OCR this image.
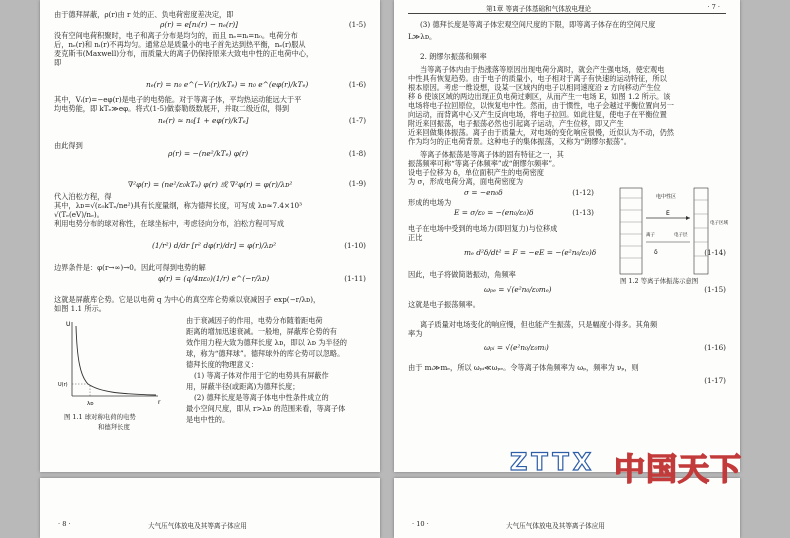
由于德拜屏蔽，ρ(r)由 r 处的正、负电荷密度差决定，即
没有空间电荷积聚时，电子和离子分布是均匀的，而且 nₑ=nᵢ=n₀。电荷分布
后，nₑ(r)和 nᵢ(r)不再均匀。通常总是质量小的电子首先达到热平衡，nₑ(r)服从
麦克斯韦(Maxwell)分布，而质量大的离子仍保持原来大致电中性的正电荷中心，
即
其中，Vᵢ(r)=−eφ(r)是电子的电势能。对于等离子体，平均热运动能远大于平
均电势能，即 kTₑ≫eφ。将式(1-5)做泰勒级数展开，并取二级近似，得到
由此得到
代入泊松方程，得
其中，λᴅ=√(ε₀kTₑ/ne²)具有长度量纲，称为德拜长度，可写成 λᴅ≈7.4×10³
√(Tₑ(eV)/nₑ)。
利用电势分布的球对称性，在球坐标中，考虑径向分布，泊松方程可写成
边界条件是：φ(r→∞)→0。因此可得到电势的解
这就是屏蔽库仑势。它是以电荷 q 为中心的真空库仑势乘以衰减因子 exp(−r/λᴅ)，
如图 1.1 所示。
U
r
U(r)
λᴅ
图 1.1 球对称电荷的电势
和德拜长度
由于衰减因子的作用，电势分布随着距电荷
距离的增加迅速衰减。一般地，屏蔽库仑势的有
效作用力程大致为德拜长度 λᴅ，即以 λᴅ 为半径的
球，称为“德拜球”。德拜球外的库仑势可以忽略。
德拜长度的物理意义：
(1) 等离子体对作用于它的电势具有屏蔽作
用，屏蔽半径(或距离)为德拜长度；
(2) 德拜长度是等离子体电中性条件成立的
最小空间尺度，即从 r>λᴅ 的范围来看，等离子体
是电中性的。
ρ(r) = e[nᵢ(r) − nₑ(r)]	(1-5)
nₑ(r) = n₀ e^(−Vᵢ(r)/kTₑ) = n₀ e^(eφ(r)/kTₑ)	(1-6)
nₑ(r) ≈ n₀[1 + eφ(r)/kTₑ]	(1-7)
ρ(r) = −(ne²/kTₑ) φ(r)	(1-8)
∇²φ(r) = (ne²/ε₀kTₑ) φ(r) 或 ∇²φ(r) = φ(r)/λᴅ²	(1-9)
(1/r²) d/dr [r² dφ(r)/dr] = φ(r)/λᴅ²	(1-10)
φ(r) = (q/4πε₀)(1/r) e^(−r/λᴅ)	(1-11)
第1章 等离子体基础和气体放电理论	· 7 ·
(3) 德拜长度是等离子体宏观空间尺度的下限，即等离子体存在的空间尺度
L≫λᴅ。
2. 朗缪尔振荡和频率
当等离子体内由于热涨落等原因出现电荷分离时，就会产生强电场，使宏观电
中性具有恢复趋势。由于电子的质量小，电子相对于离子有快速的运动特征，所以
根本原因。考虑一维设想，设某一区域内的电子以相同速度沿 z 方向移动产生位
移 δ 使该区域的两边出现正负电荷过剩区，从而产生一电场 E，如图 1.2 所示。该
电场将电子拉回原位，以恢复电中性。然而，由于惯性，电子会越过平衡位置向另一
向运动，而背离中心又产生反向电场，将电子拉回。如此往复，使电子在平衡位置
附近来回振荡，电子振荡必然也引起离子运动，产生位移，即又产生
近来回做集体振荡。离子由于质量大，对电场的变化响应很慢，近似认为不动，仍然
作为均匀的正电荷背景。这种电子的集体振荡，又称为“朗缪尔振荡”。
电中性区
E
离子	电子层
电子区域
δ
图 1.2 等离子体振荡示意图
等离子体振荡是等离子体的固有特征之一，其
振荡频率可称“等离子体频率”或“朗缪尔频率”。
设电子位移为 δ，单位面积产生的电荷密度
为 σ，形成电荷分离，面电荷密度为
形成的电场为
电子在电场中受到的电场力(即回复力)与位移成
正比
因此，电子将做简谐振动，角频率
这就是电子振荡频率。
离子质量对电场变化的响应慢，但也能产生振荡，只是幅度小得多。其角频
率为
由于 mᵢ≫mₑ，所以 ωₚᵢ≪ωₚₑ。令等离子体角频率为 ωₚ，频率为 νₚ，则
σ = −en₀δ	(1-12)
E = σ/ε₀ = −(en₀/ε₀)δ	(1-13)
mₑ d²δ/dt² = F = −eE = −(e²n₀/ε₀)δ	(1-14)
ωₚₑ = √(e²n₀/ε₀mₑ)	(1-15)
ωₚᵢ = √(e²n₀/ε₀mᵢ)	(1-16)
(1-17)
· 8 ·	大气压气体放电及其等离子体应用	· 10 ·	大气压气体放电及其等离子体应用
ZTTX 中国天下
